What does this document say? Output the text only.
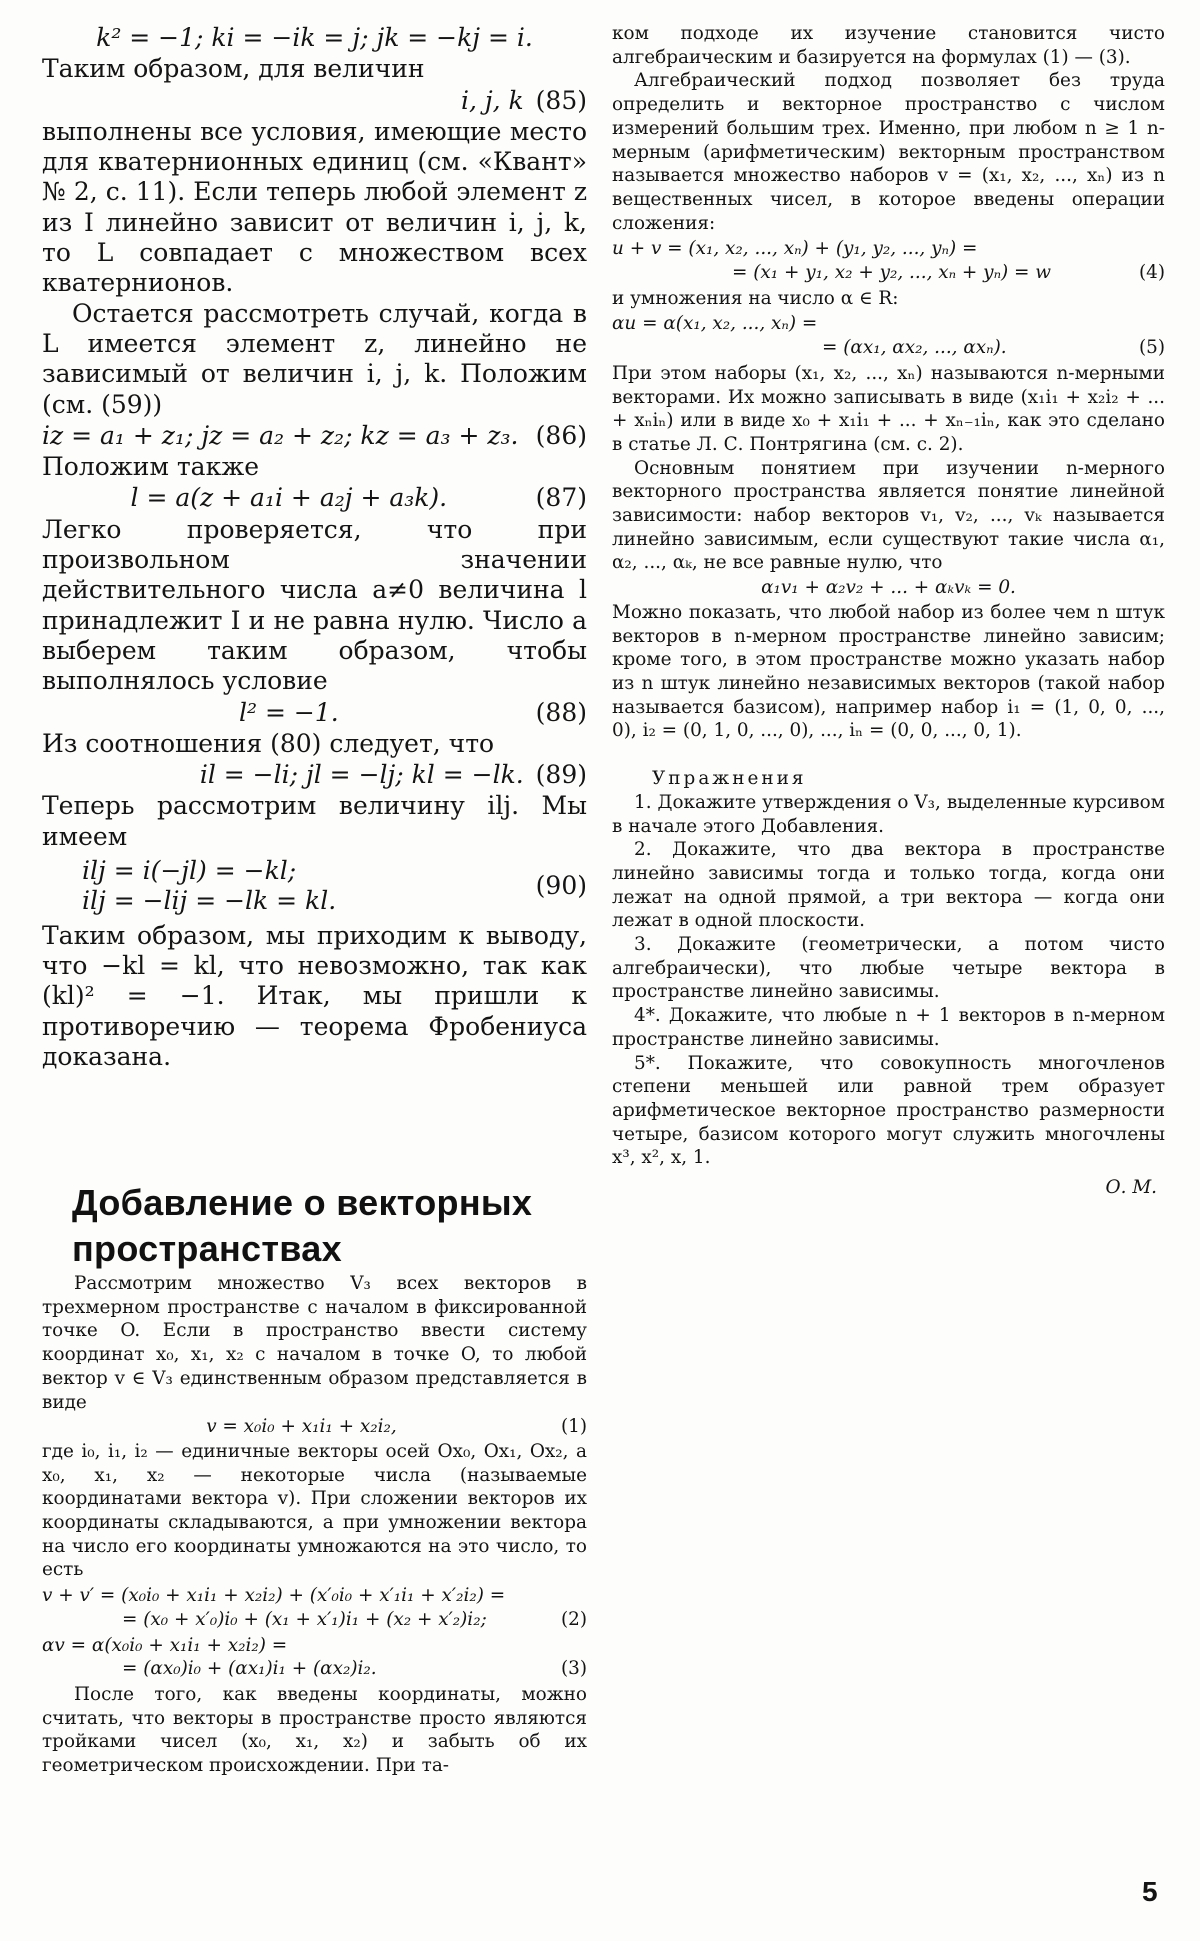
k² = −1; ki = −ik = j; jk = −kj = i.

Таким образом, для величин

i, j, k (85)

выполнены все условия, имеющие место для кватернионных единиц (см. «Квант» № 2, с. 11). Если теперь любой элемент z из I линейно зависит от величин i, j, k, то L совпадает с множеством всех кватернионов.

Остается рассмотреть случай, когда в L имеется элемент z, линейно не зависимый от величин i, j, k. Положим (см. (59))

iz = a₁ + z₁; jz = a₂ + z₂; kz = a₃ + z₃. (86)

Положим также

l = a(z + a₁i + a₂j + a₃k).	(87)

Легко проверяется, что при произвольном значении действительного числа a≠0 величина l принадлежит I и не равна нулю. Число a выберем таким образом, чтобы выполнялось условие

l² = −1.	(88)

Из соотношения (80) следует, что

il = −li; jl = −lj; kl = −lk. (89)

Теперь рассмотрим величину ilj. Мы имеем

ilj = i(−jl) = −kl;
ilj = −lij = −lk = kl.
(90)

Таким образом, мы приходим к выводу, что −kl = kl, что невозможно, так как (kl)² = −1. Итак, мы пришли к противоречию — теорема Фробениуса доказана.

Добавление о векторных пространствах

Рассмотрим множество V₃ всех векторов в трехмерном пространстве с началом в фиксированной точке O. Если в пространство ввести систему координат x₀, x₁, x₂ с началом в точке O, то любой вектор v ∈ V₃ единственным образом представляется в виде

v = x₀i₀ + x₁i₁ + x₂i₂,	(1)

где i₀, i₁, i₂ — единичные векторы осей Ox₀, Ox₁, Ox₂, а x₀, x₁, x₂ — некоторые числа (называемые координатами вектора v). При сложении векторов их координаты складываются, а при умножении вектора на число его координаты умножаются на это число, то есть

v + v′ = (x₀i₀ + x₁i₁ + x₂i₂) + (x′₀i₀ + x′₁i₁ + x′₂i₂) =
= (x₀ + x′₀)i₀ + (x₁ + x′₁)i₁ + (x₂ + x′₂)i₂;	(2)
αv = α(x₀i₀ + x₁i₁ + x₂i₂) =
= (αx₀)i₀ + (αx₁)i₁ + (αx₂)i₂.	(3)

После того, как введены координаты, можно считать, что векторы в пространстве просто являются тройками чисел (x₀, x₁, x₂) и забыть об их геометрическом происхождении. При та-

ком подходе их изучение становится чисто алгебраическим и базируется на формулах (1) — (3).

Алгебраический подход позволяет без труда определить и векторное пространство с числом измерений большим трех. Именно, при любом n ≥ 1 n-мерным (арифметическим) векторным пространством называется множество наборов v = (x₁, x₂, ..., xₙ) из n вещественных чисел, в которое введены операции сложения:

u + v = (x₁, x₂, ..., xₙ) + (y₁, y₂, ..., yₙ) =
= (x₁ + y₁, x₂ + y₂, ..., xₙ + yₙ) = w	(4)

и умножения на число α ∈ R:

αu = α(x₁, x₂, ..., xₙ) =
= (αx₁, αx₂, ..., αxₙ).	(5)

При этом наборы (x₁, x₂, ..., xₙ) называются n-мерными векторами. Их можно записывать в виде (x₁i₁ + x₂i₂ + ... + xₙiₙ) или в виде x₀ + x₁i₁ + ... + xₙ₋₁iₙ, как это сделано в статье Л. С. Понтрягина (см. с. 2).

Основным понятием при изучении n-мерного векторного пространства является понятие линейной зависимости: набор векторов v₁, v₂, ..., vₖ называется линейно зависимым, если существуют такие числа α₁, α₂, ..., αₖ, не все равные нулю, что

α₁v₁ + α₂v₂ + ... + αₖvₖ = 0.

Можно показать, что любой набор из более чем n штук векторов в n-мерном пространстве линейно зависим; кроме того, в этом пространстве можно указать набор из n штук линейно независимых векторов (такой набор называется базисом), например набор i₁ = (1, 0, 0, ..., 0), i₂ = (0, 1, 0, ..., 0), ..., iₙ = (0, 0, ..., 0, 1).

Упражнения

1. Докажите утверждения о V₃, выделенные курсивом в начале этого Добавления.

2. Докажите, что два вектора в пространстве линейно зависимы тогда и только тогда, когда они лежат на одной прямой, а три вектора — когда они лежат в одной плоскости.

3. Докажите (геометрически, а потом чисто алгебраически), что любые четыре вектора в пространстве линейно зависимы.

4*. Докажите, что любые n + 1 векторов в n-мерном пространстве линейно зависимы.

5*. Покажите, что совокупность многочленов степени меньшей или равной трем образует арифметическое векторное пространство размерности четыре, базисом которого могут служить многочлены x³, x², x, 1.

О. М.

5
